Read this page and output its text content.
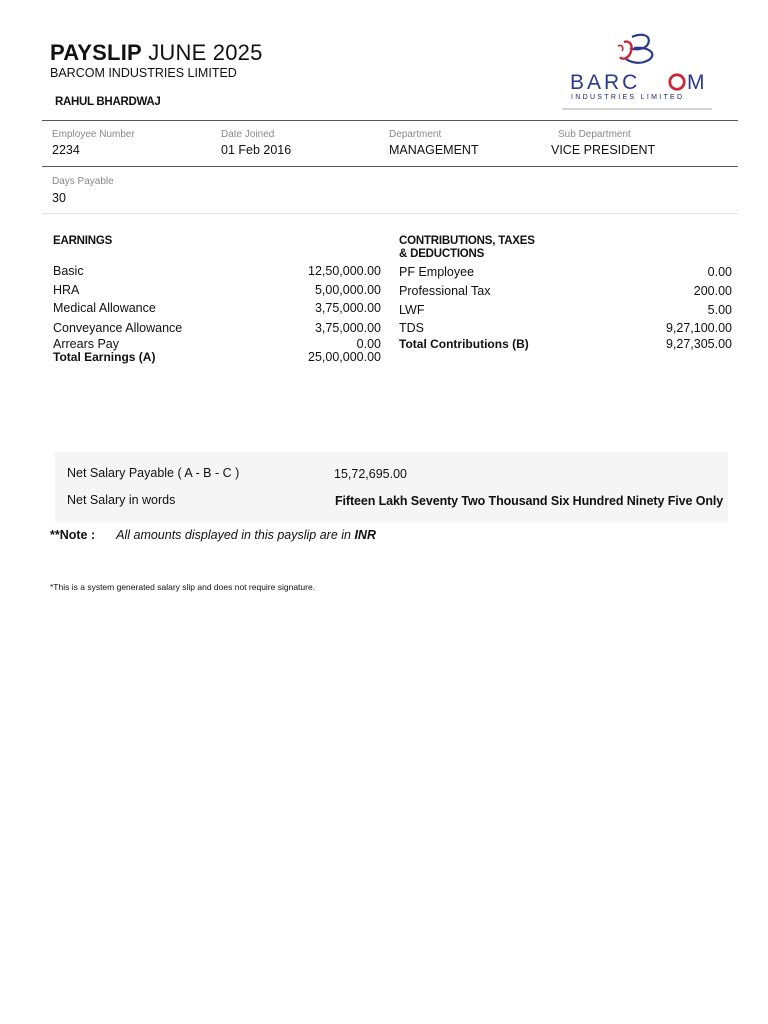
PAYSLIP JUNE 2025
BARCOM INDUSTRIES LIMITED
RAHUL BHARDWAJ
BARC M
INDUSTRIES LIMITED
Employee Number
2234
Date Joined
01 Feb 2016
Department
MANAGEMENT
Sub Department
VICE PRESIDENT
Days Payable
30
EARNINGS
Basic	12,50,000.00
HRA	5,00,000.00
Medical Allowance	3,75,000.00
Conveyance Allowance	3,75,000.00
Arrears Pay	0.00
Total Earnings (A)	25,00,000.00
CONTRIBUTIONS, TAXES
& DEDUCTIONS
PF Employee	0.00
Professional Tax	200.00
LWF	5.00
TDS	9,27,100.00
Total Contributions (B)	9,27,305.00
Net Salary Payable ( A - B - C )	15,72,695.00
Net Salary in words	Fifteen Lakh Seventy Two Thousand Six Hundred Ninety Five Only
**Note : All amounts displayed in this payslip are in INR
*This is a system generated salary slip and does not require signature.
